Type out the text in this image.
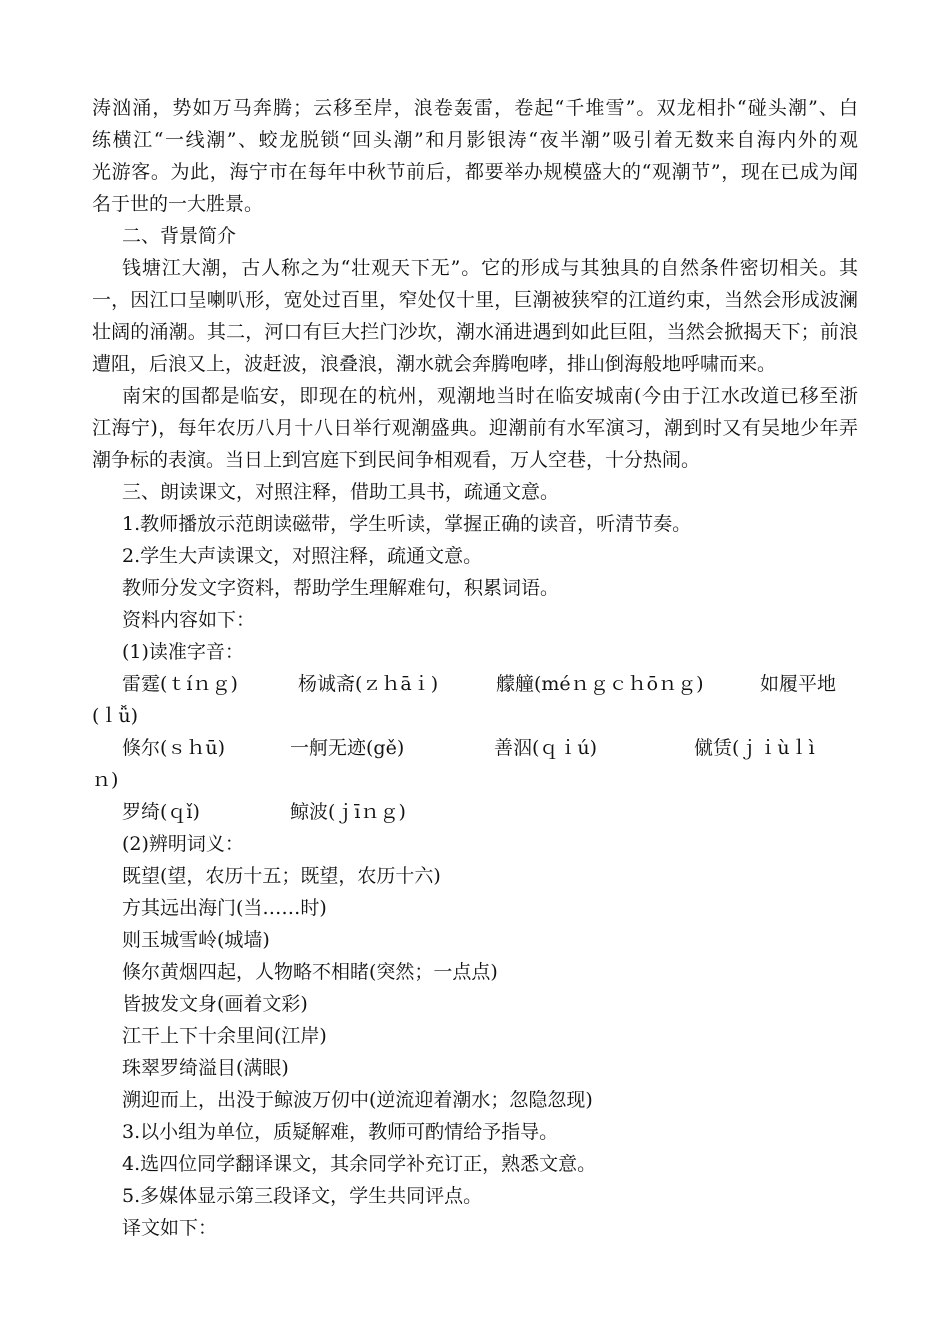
涛汹涌，势如万马奔腾；云移至岸，浪卷轰雷，卷起“千堆雪”。双龙相扑“碰头潮”、白
练横江“一线潮”、蛟龙脱锁“回头潮”和月影银涛“夜半潮”吸引着无数来自海内外的观
光游客。为此，海宁市在每年中秋节前后，都要举办规模盛大的“观潮节”，现在已成为闻
名于世的一大胜景。
二、背景简介
钱塘江大潮，古人称之为“壮观天下无”。它的形成与其独具的自然条件密切相关。其
一，因江口呈喇叭形，宽处过百里，窄处仅十里，巨潮被狭窄的江道约束，当然会形成波澜
壮阔的涌潮。其二，河口有巨大拦门沙坎，潮水涌进遇到如此巨阻，当然会掀揭天下；前浪
遭阻，后浪又上，波赶波，浪叠浪，潮水就会奔腾咆哮，排山倒海般地呼啸而来。
南宋的国都是临安，即现在的杭州，观潮地当时在临安城南(今由于江水改道已移至浙
江海宁)，每年农历八月十八日举行观潮盛典。迎潮前有水军演习，潮到时又有吴地少年弄
潮争标的表演。当日上到宫庭下到民间争相观看，万人空巷，十分热闹。
三、朗读课文，对照注释，借助工具书，疏通文意。
1.教师播放示范朗读磁带，学生听读，掌握正确的读音，听清节奏。
2.学生大声读课文，对照注释，疏通文意。
教师分发文字资料，帮助学生理解难句，积累词语。
资料内容如下：
(1)读准字音：
雷霆(ｔíｎｇ)	杨诚斋(ｚｈāｉ)	艨艟(méｎｇｃｈōｎｇ)	如履平地
(ｌǚ)
倏尔(ｓｈū)	一舸无迹(gě)	善泅(ｑｉú)	僦赁(ｊｉùｌì
ｎ)
罗绮(ｑǐ)	鲸波(ｊīｎｇ)
(2)辨明词义：
既望(望，农历十五；既望，农历十六)
方其远出海门(当……时)
则玉城雪岭(城墙)
倏尔黄烟四起，人物略不相睹(突然；一点点)
皆披发文身(画着文彩)
江干上下十余里间(江岸)
珠翠罗绮溢目(满眼)
溯迎而上，出没于鲸波万仞中(逆流迎着潮水；忽隐忽现)
3.以小组为单位，质疑解难，教师可酌情给予指导。
4.选四位同学翻译课文，其余同学补充订正，熟悉文意。
5.多媒体显示第三段译文，学生共同评点。
译文如下：
